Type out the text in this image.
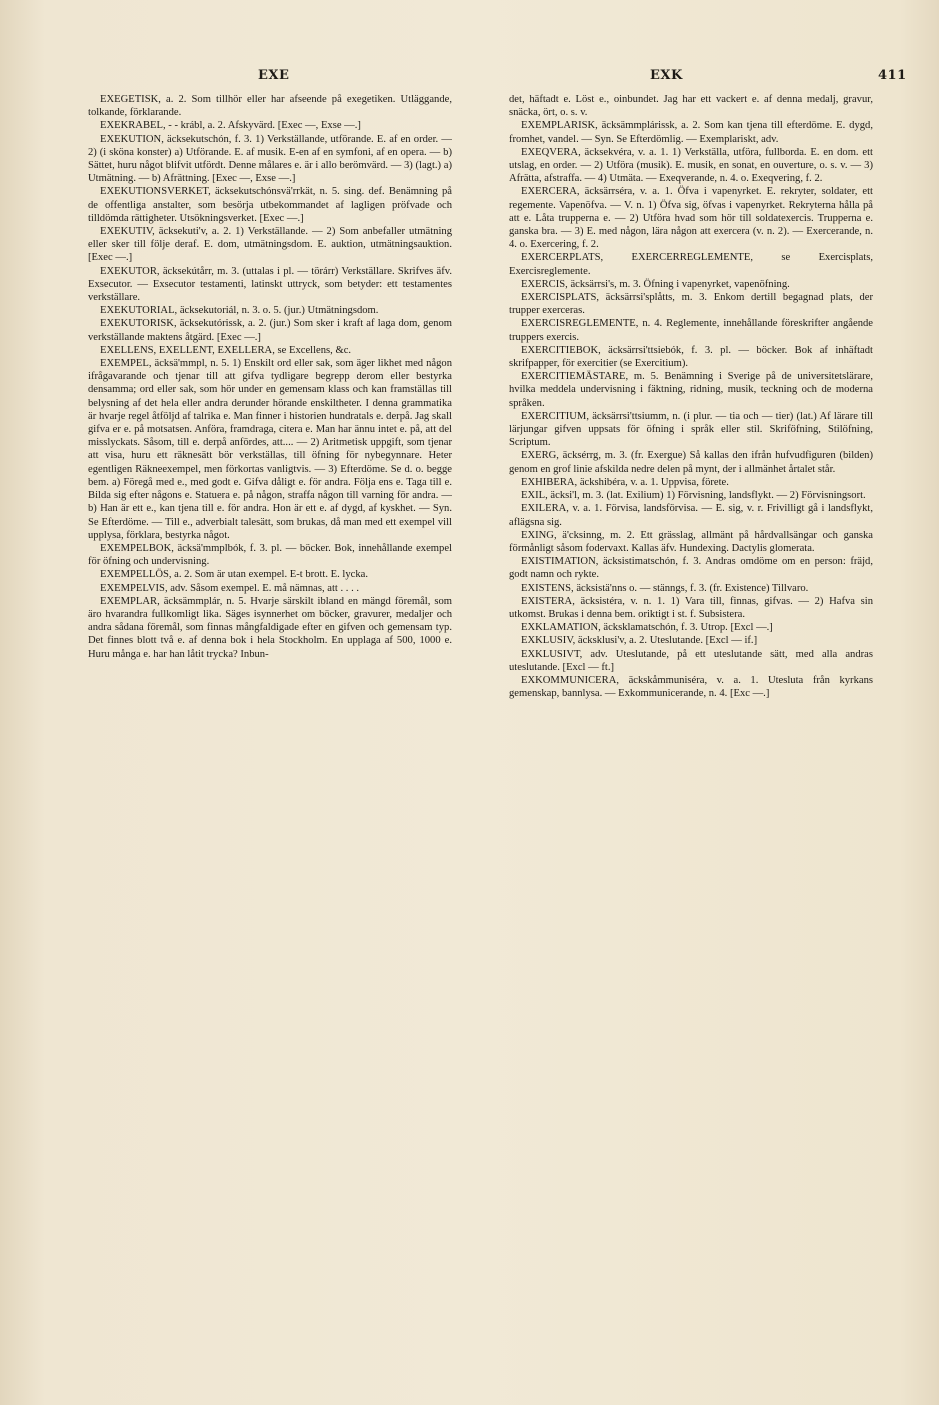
EXE	EXK	411

EXEGETISK, a. 2. Som tillhör eller har afseende på exegetiken. Utläggande, tolkande, förklarande.

EXEKRABEL, - - krábl, a. 2. Afskyvärd. [Exec —, Exse —.]

EXEKUTION, äcksekutschón, f. 3. 1) Verkställande, utförande. E. af en order. — 2) (i sköna konster) a) Utförande. E. af musik. E-en af en symfoni, af en opera. — b) Sättet, huru något blifvit utfördt. Denne målares e. är i allo berömvärd. — 3) (lagt.) a) Utmätning. — b) Afrättning. [Exec —, Exse —.]

EXEKUTIONSVERKET, äcksekutschónsvä'rrkät, n. 5. sing. def. Benämning på de offentliga anstalter, som besörja utbekommandet af lagligen pröfvade och tilldömda rättigheter. Utsökningsverket. [Exec —.]

EXEKUTIV, äcksekuti'v, a. 2. 1) Verkställande. — 2) Som anbefaller utmätning eller sker till följe deraf. E. dom, utmätningsdom. E. auktion, utmätningsauktion. [Exec —.]

EXEKUTOR, äcksekútårr, m. 3. (uttalas i pl. — törárr) Verkställare. Skrifves äfv. Exsecutor. — Exsecutor testamenti, latinskt uttryck, som betyder: ett testamentes verkställare.

EXEKUTORIAL, äcksekutoriál, n. 3. o. 5. (jur.) Utmätningsdom.

EXEKUTORISK, äcksekutórissk, a. 2. (jur.) Som sker i kraft af laga dom, genom verkställande maktens åtgärd. [Exec —.]

EXELLENS, EXELLENT, EXELLERA, se Excellens, &c.

EXEMPEL, äcksä'mmpl, n. 5. 1) Enskilt ord eller sak, som äger likhet med någon ifrågavarande och tjenar till att gifva tydligare begrepp derom eller bestyrka densamma; ord eller sak, som hör under en gemensam klass och kan framställas till belysning af det hela eller andra derunder hörande enskiltheter. I denna grammatika är hvarje regel åtföljd af talrika e. Man finner i historien hundratals e. derpå. Jag skall gifva er e. på motsatsen. Anföra, framdraga, citera e. Man har ännu intet e. på, att del misslyckats. Såsom, till e. derpå anfördes, att.... — 2) Aritmetisk uppgift, som tjenar att visa, huru ett räknesätt bör verkställas, till öfning för nybegynnare. Heter egentligen Räkneexempel, men förkortas vanligtvis. — 3) Efterdöme. Se d. o. begge bem. a) Föregå med e., med godt e. Gifva dåligt e. för andra. Följa ens e. Taga till e. Bilda sig efter någons e. Statuera e. på någon, straffa någon till varning för andra. — b) Han är ett e., kan tjena till e. för andra. Hon är ett e. af dygd, af kyskhet. — Syn. Se Efterdöme. — Till e., adverbialt talesätt, som brukas, då man med ett exempel vill upplysa, förklara, bestyrka något.

EXEMPELBOK, äcksä'mmplbók, f. 3. pl. — böcker. Bok, innehållande exempel för öfning och undervisning.

EXEMPELLÖS, a. 2. Som är utan exempel. E-t brott. E. lycka.

EXEMPELVIS, adv. Såsom exempel. E. må nämnas, att . . . .

EXEMPLAR, äcksämmplár, n. 5. Hvarje särskilt ibland en mängd föremål, som äro hvarandra fullkomligt lika. Säges isynnerhet om böcker, gravurer, medaljer och andra sådana föremål, som finnas mångfaldigade efter en gifven och gemensam typ. Det finnes blott två e. af denna bok i hela Stockholm. En upplaga af 500, 1000 e. Huru många e. har han låtit trycka? Inbun-

det, häftadt e. Löst e., oinbundet. Jag har ett vackert e. af denna medalj, gravur, snäcka, ört, o. s. v.

EXEMPLARISK, äcksämmplárissk, a. 2. Som kan tjena till efterdöme. E. dygd, fromhet, vandel. — Syn. Se Efterdömlig. — Exemplariskt, adv.

EXEQVERA, äcksekvéra, v. a. 1. 1) Verkställa, utföra, fullborda. E. en dom. ett utslag, en order. — 2) Utföra (musik). E. musik, en sonat, en ouverture, o. s. v. — 3) Afrätta, afstraffa. — 4) Utmäta. — Exeqverande, n. 4. o. Exeqvering, f. 2.

EXERCERA, äcksärrséra, v. a. 1. Öfva i vapenyrket. E. rekryter, soldater, ett regemente. Vapenöfva. — V. n. 1) Öfva sig, öfvas i vapenyrket. Rekryterna hålla på att e. Låta trupperna e. — 2) Utföra hvad som hör till soldatexercis. Trupperna e. ganska bra. — 3) E. med någon, lära någon att exercera (v. n. 2). — Exercerande, n. 4. o. Exercering, f. 2.

EXERCERPLATS, EXERCERREGLEMENTE, se Exercisplats, Exercisreglemente.

EXERCIS, äcksärrsi's, m. 3. Öfning i vapenyrket, vapenöfning.

EXERCISPLATS, äcksärrsi'splåtts, m. 3. Enkom dertill begagnad plats, der trupper exerceras.

EXERCISREGLEMENTE, n. 4. Reglemente, innehållande föreskrifter angående truppers exercis.

EXERCITIEBOK, äcksärrsi'ttsiebók, f. 3. pl. — böcker. Bok af inhäftadt skrifpapper, för exercitier (se Exercitium).

EXERCITIEMÄSTARE, m. 5. Benämning i Sverige på de universitetslärare, hvilka meddela undervisning i fäktning, ridning, musik, teckning och de moderna språken.

EXERCITIUM, äcksärrsi'ttsiumm, n. (i plur. — tia och — tier) (lat.) Af lärare till lärjungar gifven uppsats för öfning i språk eller stil. Skriföfning, Stilöfning, Scriptum.

EXERG, äcksérrg, m. 3. (fr. Exergue) Så kallas den ifrån hufvudfiguren (bilden) genom en grof linie afskilda nedre delen på mynt, der i allmänhet årtalet står.

EXHIBERA, äckshibéra, v. a. 1. Uppvisa, förete.

EXIL, äcksi'l, m. 3. (lat. Exilium) 1) Förvisning, landsflykt. — 2) Förvisningsort.

EXILERA, v. a. 1. Förvisa, landsförvisa. — E. sig, v. r. Frivilligt gå i landsflykt, aflägsna sig.

EXING, ä'cksinng, m. 2. Ett grässlag, allmänt på hårdvallsängar och ganska förmånligt såsom fodervaxt. Kallas äfv. Hundexing. Dactylis glomerata.

EXISTIMATION, äcksistimatschón, f. 3. Andras omdöme om en person: fräjd, godt namn och rykte.

EXISTENS, äcksistä'nns o. — stänngs, f. 3. (fr. Existence) Tillvaro.

EXISTERA, äcksistéra, v. n. 1. 1) Vara till, finnas, gifvas. — 2) Hafva sin utkomst. Brukas i denna bem. oriktigt i st. f. Subsistera.

EXKLAMATION, äcksklamatschón, f. 3. Utrop. [Excl —.]

EXKLUSIV, äcksklusi'v, a. 2. Uteslutande. [Excl — if.]

EXKLUSIVT, adv. Uteslutande, på ett uteslutande sätt, med alla andras uteslutande. [Excl — ft.]

EXKOMMUNICERA, äckskåmmuniséra, v. a. 1. Utesluta från kyrkans gemenskap, bannlysa. — Exkommunicerande, n. 4. [Exc —.]
